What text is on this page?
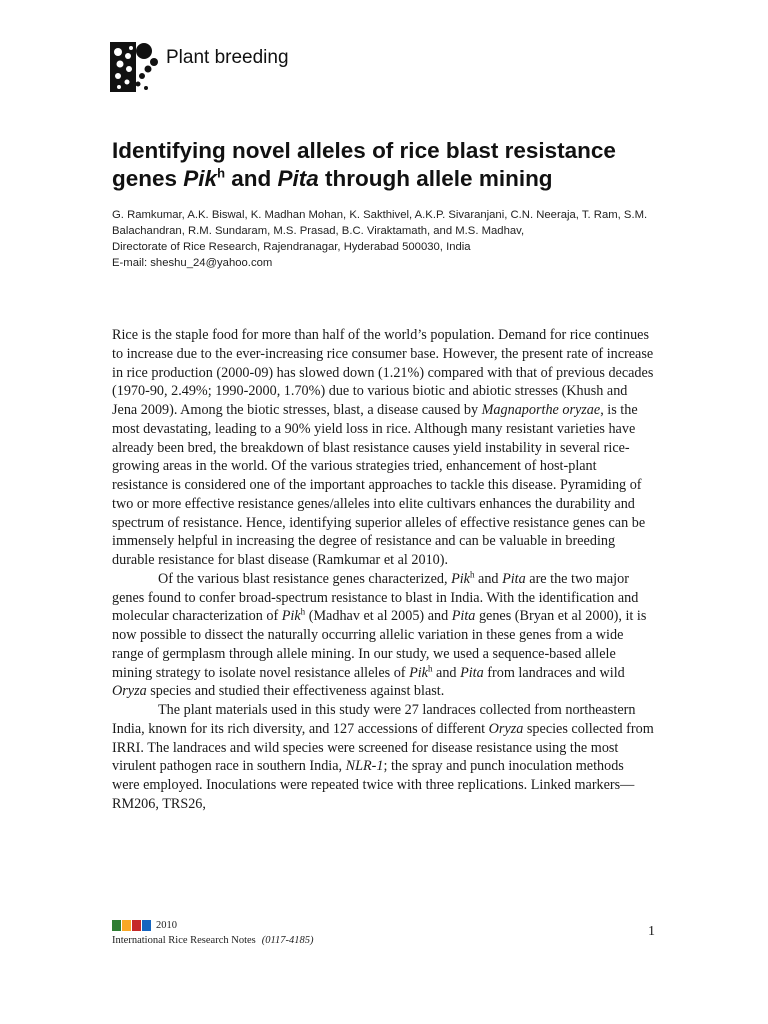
Plant breeding
Identifying novel alleles of rice blast resistance genes Pik$^h$ and Pita through allele mining
G. Ramkumar, A.K. Biswal, K. Madhan Mohan, K. Sakthivel, A.K.P. Sivaranjani, C.N. Neeraja, T. Ram, S.M. Balachandran, R.M. Sundaram, M.S. Prasad, B.C. Viraktamath, and M.S. Madhav,
Directorate of Rice Research, Rajendranagar, Hyderabad 500030, India
E-mail: sheshu_24@yahoo.com

Rice is the staple food for more than half of the world’s population. Demand for rice continues to increase due to the ever-increasing rice consumer base. However, the present rate of increase in rice production (2000-09) has slowed down (1.21%) compared with that of previous decades (1970-90, 2.49%; 1990-2000, 1.70%) due to various biotic and abiotic stresses (Khush and Jena 2009). Among the biotic stresses, blast, a disease caused by Magnaporthe oryzae, is the most devastating, leading to a 90% yield loss in rice. Although many resistant varieties have already been bred, the breakdown of blast resistance causes yield instability in several rice-growing areas in the world. Of the various strategies tried, enhancement of host-plant resistance is considered one of the important approaches to tackle this disease. Pyramiding of two or more effective resistance genes/alleles into elite cultivars enhances the durability and spectrum of resistance. Hence, identifying superior alleles of effective resistance genes can be immensely helpful in increasing the degree of resistance and can be valuable in breeding durable resistance for blast disease (Ramkumar et al 2010).

Of the various blast resistance genes characterized, Pik$^h$ and Pita are the two major genes found to confer broad-spectrum resistance to blast in India. With the identification and molecular characterization of Pik$^h$ (Madhav et al 2005) and Pita genes (Bryan et al 2000), it is now possible to dissect the naturally occurring allelic variation in these genes from a wide range of germplasm through allele mining. In our study, we used a sequence-based allele mining strategy to isolate novel resistance alleles of Pik$^h$ and Pita from landraces and wild Oryza species and studied their effectiveness against blast.

The plant materials used in this study were 27 landraces collected from northeastern India, known for its rich diversity, and 127 accessions of different Oryza species collected from IRRI. The landraces and wild species were screened for disease resistance using the most virulent pathogen race in southern India, NLR-1; the spray and punch inoculation methods were employed. Inoculations were repeated twice with three replications. Linked markers—RM206, TRS26,

2010
International Rice Research Notes (0117-4185)
1
